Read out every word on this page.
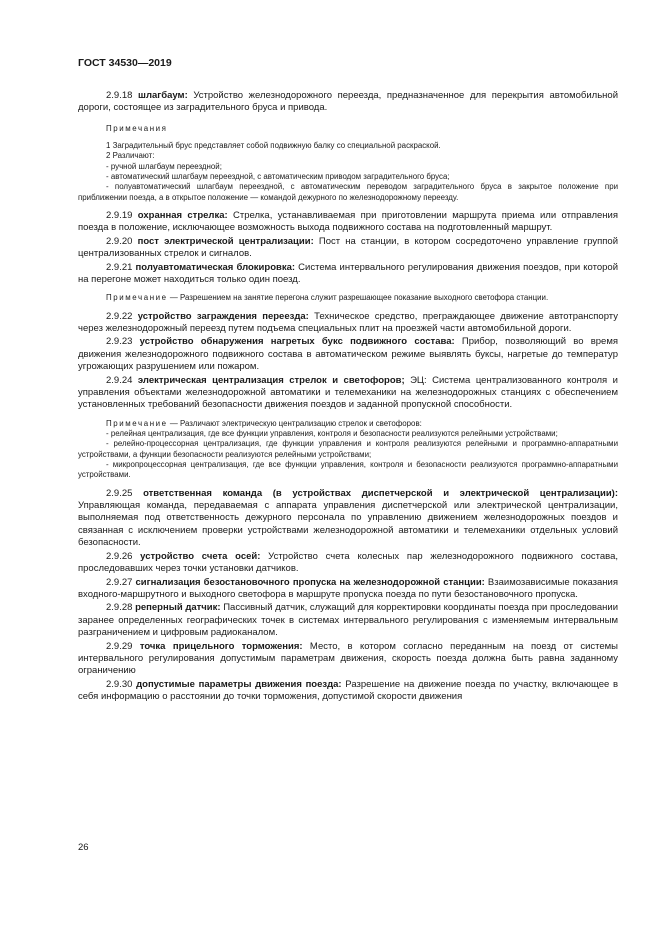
ГОСТ 34530—2019

2.9.18 шлагбаум: Устройство железнодорожного переезда, предназначенное для перекрытия автомобильной дороги, состоящее из заградительного бруса и привода.

Примечания

1 Заградительный брус представляет собой подвижную балку со специальной раскраской.

2 Различают:

- ручной шлагбаум переездной;

- автоматический шлагбаум переездной, с автоматическим приводом заградительного бруса;

- полуавтоматический шлагбаум переездной, с автоматическим переводом заградительного бруса в закрытое положение при приближении поезда, а в открытое положение — командой дежурного по железнодорожному переезду.

2.9.19 охранная стрелка: Стрелка, устанавливаемая при приготовлении маршрута приема или отправления поезда в положение, исключающее возможность выхода подвижного состава на подготовленный маршрут.

2.9.20 пост электрической централизации: Пост на станции, в котором сосредоточено управление группой централизованных стрелок и сигналов.

2.9.21 полуавтоматическая блокировка: Система интервального регулирования движения поездов, при которой на перегоне может находиться только один поезд.

Примечание — Разрешением на занятие перегона служит разрешающее показание выходного светофора станции.

2.9.22 устройство заграждения переезда: Техническое средство, преграждающее движение автотранспорту через железнодорожный переезд путем подъема специальных плит на проезжей части автомобильной дороги.

2.9.23 устройство обнаружения нагретых букс подвижного состава: Прибор, позволяющий во время движения железнодорожного подвижного состава в автоматическом режиме выявлять буксы, нагретые до температур угрожающих разрушением или пожаром.

2.9.24 электрическая централизация стрелок и светофоров; ЭЦ: Система централизованного контроля и управления объектами железнодорожной автоматики и телемеханики на железнодорожных станциях с обеспечением установленных требований безопасности движения поездов и заданной пропускной способности.

Примечание — Различают электрическую централизацию стрелок и светофоров:

- релейная централизация, где все функции управления, контроля и безопасности реализуются релейными устройствами;

- релейно-процессорная централизация, где функции управления и контроля реализуются релейными и программно-аппаратными устройствами, а функции безопасности реализуются релейными устройствами;

- микропроцессорная централизация, где все функции управления, контроля и безопасности реализуются программно-аппаратными устройствами.

2.9.25 ответственная команда (в устройствах диспетчерской и электрической централизации): Управляющая команда, передаваемая с аппарата управления диспетчерской или электрической централизации, выполняемая под ответственность дежурного персонала по управлению движением железнодорожных поездов и связанная с исключением проверки устройствами железнодорожной автоматики и телемеханики отдельных условий безопасности.

2.9.26 устройство счета осей: Устройство счета колесных пар железнодорожного подвижного состава, проследовавших через точки установки датчиков.

2.9.27 сигнализация безостановочного пропуска на железнодорожной станции: Взаимозависимые показания входного-маршрутного и выходного светофора в маршруте пропуска поезда по пути безостановочного пропуска.

2.9.28 реперный датчик: Пассивный датчик, служащий для корректировки координаты поезда при проследовании заранее определенных географических точек в системах интервального регулирования с изменяемым интервальным разграничением и цифровым радиоканалом.

2.9.29 точка прицельного торможения: Место, в котором согласно переданным на поезд от системы интервального регулирования допустимым параметрам движения, скорость поезда должна быть равна заданному ограничению

2.9.30 допустимые параметры движения поезда: Разрешение на движение поезда по участку, включающее в себя информацию о расстоянии до точки торможения, допустимой скорости движения

26
